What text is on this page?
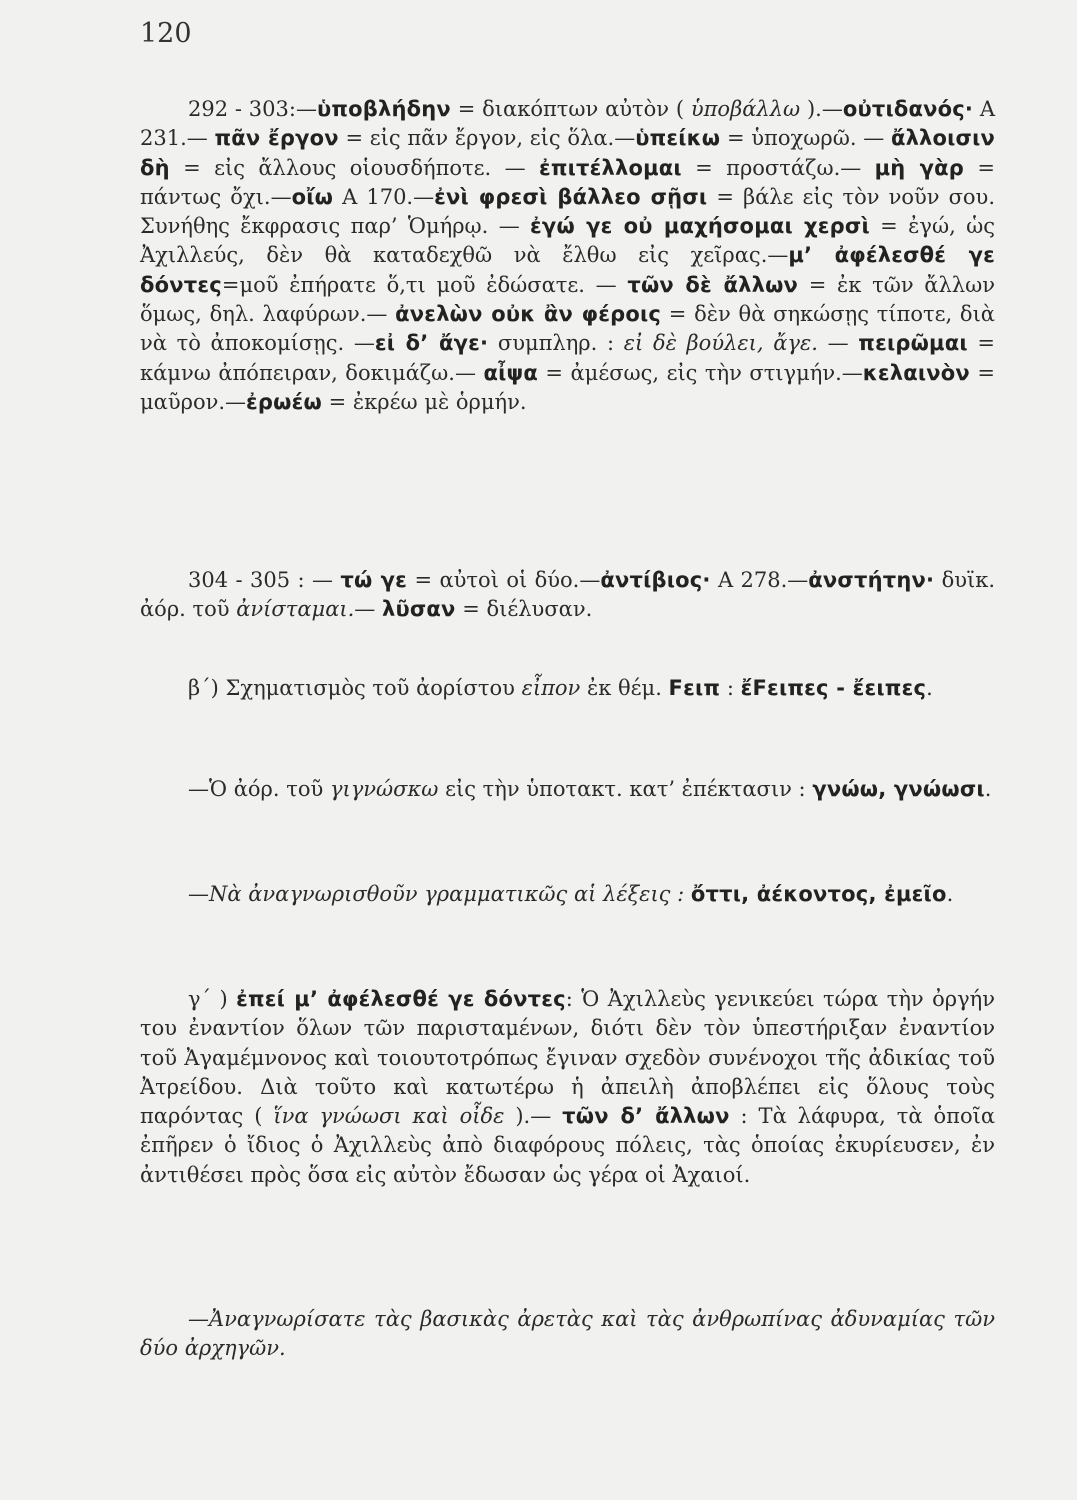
120
292 - 303:—ὑποβλήδην = διακόπτων αὐτὸν ( ὑποβάλλω ).—οὐτιδανός· Α 231.— πᾶν ἔργον = εἰς πᾶν ἔργον, εἰς ὅλα.—ὑπείκω = ὑποχωρῶ. — ἄλλοισιν δὴ = εἰς ἄλλους οἱουσδήποτε. — ἐπιτέλλομαι = προστάζω.— μὴ γὰρ = πάντως ὄχι.—οἴω Α 170.—ἐνὶ φρεσὶ βάλλεο σῇσι = βάλε εἰς τὸν νοῦν σου. Συνήθης ἔκφρασις παρ’ Ὁμήρῳ. — ἐγώ γε οὐ μαχήσομαι χερσὶ = ἐγώ, ὡς Ἀχιλλεύς, δὲν θὰ καταδεχθῶ νὰ ἔλθω εἰς χεῖρας.—μ’ ἀφέλεσθέ γε δόντες=μοῦ ἐπήρατε ὅ,τι μοῦ ἐδώσατε. — τῶν δὲ ἄλλων = ἐκ τῶν ἄλλων ὅμως, δηλ. λαφύρων.— ἀνελὼν οὐκ ἂν φέροις = δὲν θὰ σηκώσῃς τίποτε, διὰ νὰ τὸ ἀποκομίσῃς. —εἰ δ’ ἄγε· συμπληρ. : εἰ δὲ βούλει, ἄγε. — πειρῶμαι = κάμνω ἀπόπειραν, δοκιμάζω.— αἶψα = ἀμέσως, εἰς τὴν στιγμήν.—κελαινὸν = μαῦρον.—ἐρωέω = ἐκρέω μὲ ὁρμήν.
304 - 305 : — τώ γε = αὐτοὶ οἱ δύο.—ἀντίβιος· Α 278.—ἀνστήτην· δυϊκ. ἀόρ. τοῦ ἀνίσταμαι.— λῦσαν = διέλυσαν.
β΄) Σχηματισμὸς τοῦ ἀορίστου εἶπον ἐκ θέμ. Ϝειπ : ἔϜειπες - ἔειπες.
—Ὁ ἀόρ. τοῦ γιγνώσκω εἰς τὴν ὑποτακτ. κατ’ ἐπέκτασιν : γνώω, γνώωσι.
—Νὰ ἀναγνωρισθοῦν γραμματικῶς αἱ λέξεις : ὄττι, ἀέκοντος, ἐμεῖο.
γ΄ ) ἐπεί μ’ ἀφέλεσθέ γε δόντες: Ὁ Ἀχιλλεὺς γενικεύει τώρα τὴν ὀργήν του ἐναντίον ὅλων τῶν παρισταμένων, διότι δὲν τὸν ὑπεστήριξαν ἐναντίον τοῦ Ἀγαμέμνονος καὶ τοιουτοτρόπως ἔγιναν σχεδὸν συνένοχοι τῆς ἀδικίας τοῦ Ἀτρείδου. Διὰ τοῦτο καὶ κατωτέρω ἡ ἀπειλὴ ἀποβλέπει εἰς ὅλους τοὺς παρόντας ( ἵνα γνώωσι καὶ οἶδε ).— τῶν δ’ ἄλλων : Τὰ λάφυρα, τὰ ὁποῖα ἐπῆρεν ὁ ἴδιος ὁ Ἀχιλλεὺς ἀπὸ διαφόρους πόλεις, τὰς ὁποίας ἐκυρίευσεν, ἐν ἀντιθέσει πρὸς ὅσα εἰς αὐτὸν ἔδωσαν ὡς γέρα οἱ Ἀχαιοί.
—Ἀναγνωρίσατε τὰς βασικὰς ἀρετὰς καὶ τὰς ἀνθρωπίνας ἀδυναμίας τῶν δύο ἀρχηγῶν.
